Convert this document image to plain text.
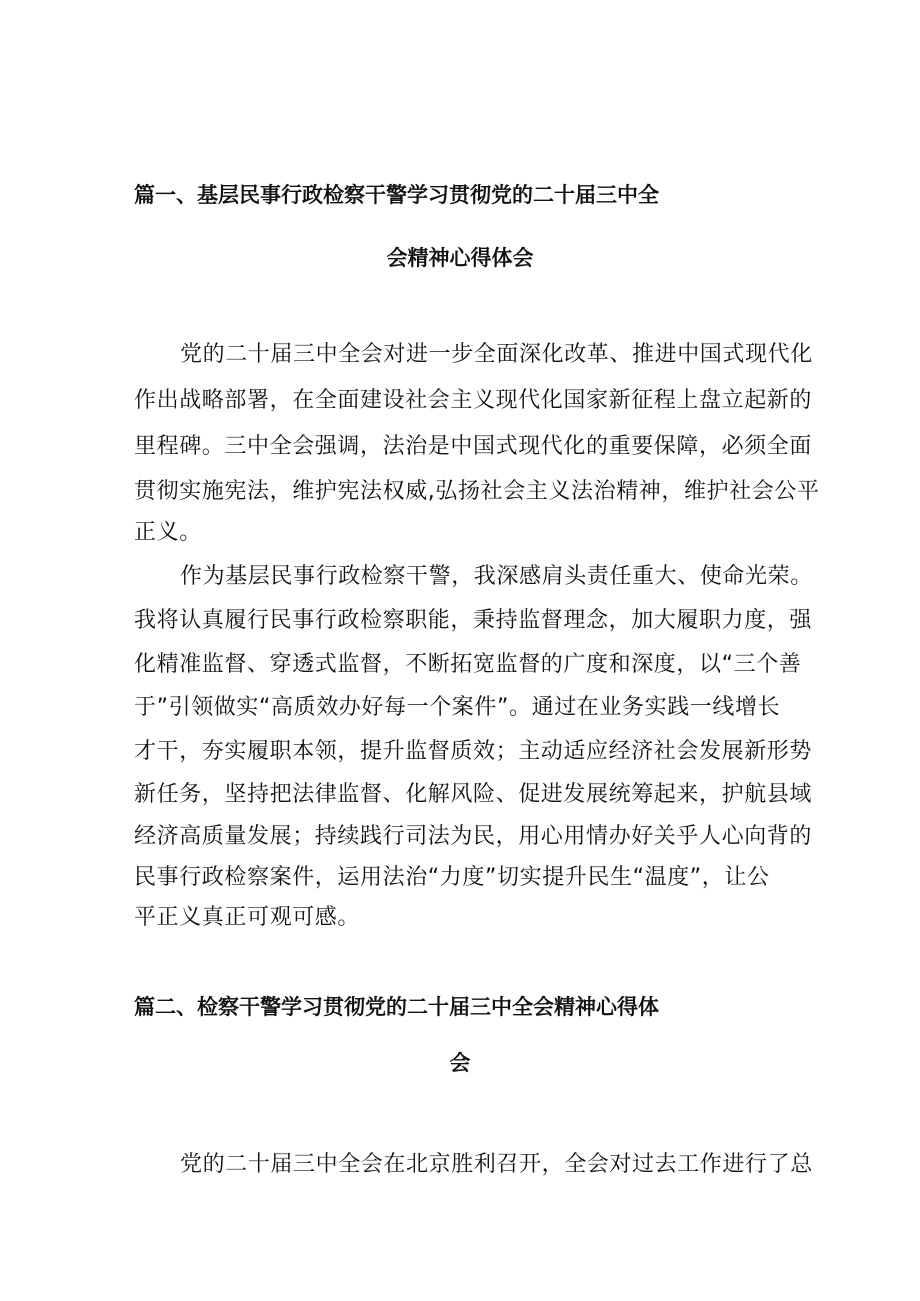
篇一、基层民事行政检察干警学习贯彻党的二十届三中全
会精神心得体会
党的二十届三中全会对进一步全面深化改革、推进中国式现代化
作出战略部署，在全面建设社会主义现代化国家新征程上盘立起新的
里程碑。三中全会强调，法治是中国式现代化的重要保障，必须全面
贯彻实施宪法，维护宪法权威,弘扬社会主义法治精神，维护社会公平
正义。
作为基层民事行政检察干警，我深感肩头责任重大、使命光荣。
我将认真履行民事行政检察职能，秉持监督理念，加大履职力度，强
化精准监督、穿透式监督，不断拓宽监督的广度和深度，以“三个善
于”引领做实“高质效办好每一个案件”。通过在业务实践一线增长
才干，夯实履职本领，提升监督质效；主动适应经济社会发展新形势
新任务，坚持把法律监督、化解风险、促进发展统筹起来，护航县域
经济高质量发展；持续践行司法为民，用心用情办好关乎人心向背的
民事行政检察案件，运用法治“力度”切实提升民生“温度”，让公
平正义真正可观可感。
篇二、检察干警学习贯彻党的二十届三中全会精神心得体
会
党的二十届三中全会在北京胜利召开，全会对过去工作进行了总
